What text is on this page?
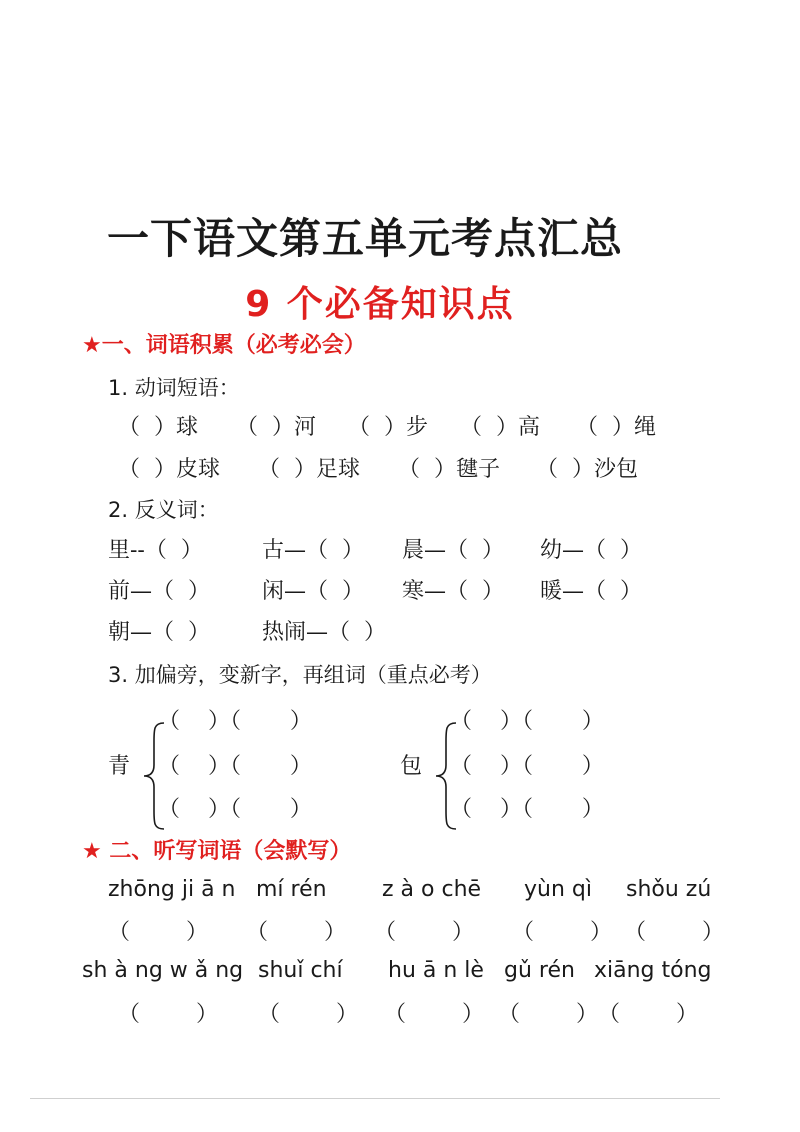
一下语文第五单元考点汇总
9 个必备知识点
★一、词语积累（必考必会）
1. 动词短语：
（  ）球 （  ）河 （  ）步 （  ）高 （  ）绳
（  ）皮球 （  ）足球 （  ）毽子 （  ）沙包
2. 反义词：
里--（  ）	古—（  ） 晨—（  ） 幼—（  ）
前—（  ） 闲—（  ） 寒—（  ） 暖—（  ）
朝—（  ） 热闹—（  ）
3. 加偏旁，变新字，再组词（重点必考）
青

（    ）（       ）
（    ）（       ）
（    ）（       ）
包

（    ）（       ）
（    ）（       ）
（    ）（       ）
★ 二、听写词语（会默写）
zhōng ji ā n mí rén	z à o chē yùn qì shǒu zú
（        ） （        ） （        ） （        ） （        ）
sh à ng w ǎ ng shuǐ chí hu ā n lè gǔ rén xiāng tóng
（        ） （        ） （        ） （        ） （        ）
